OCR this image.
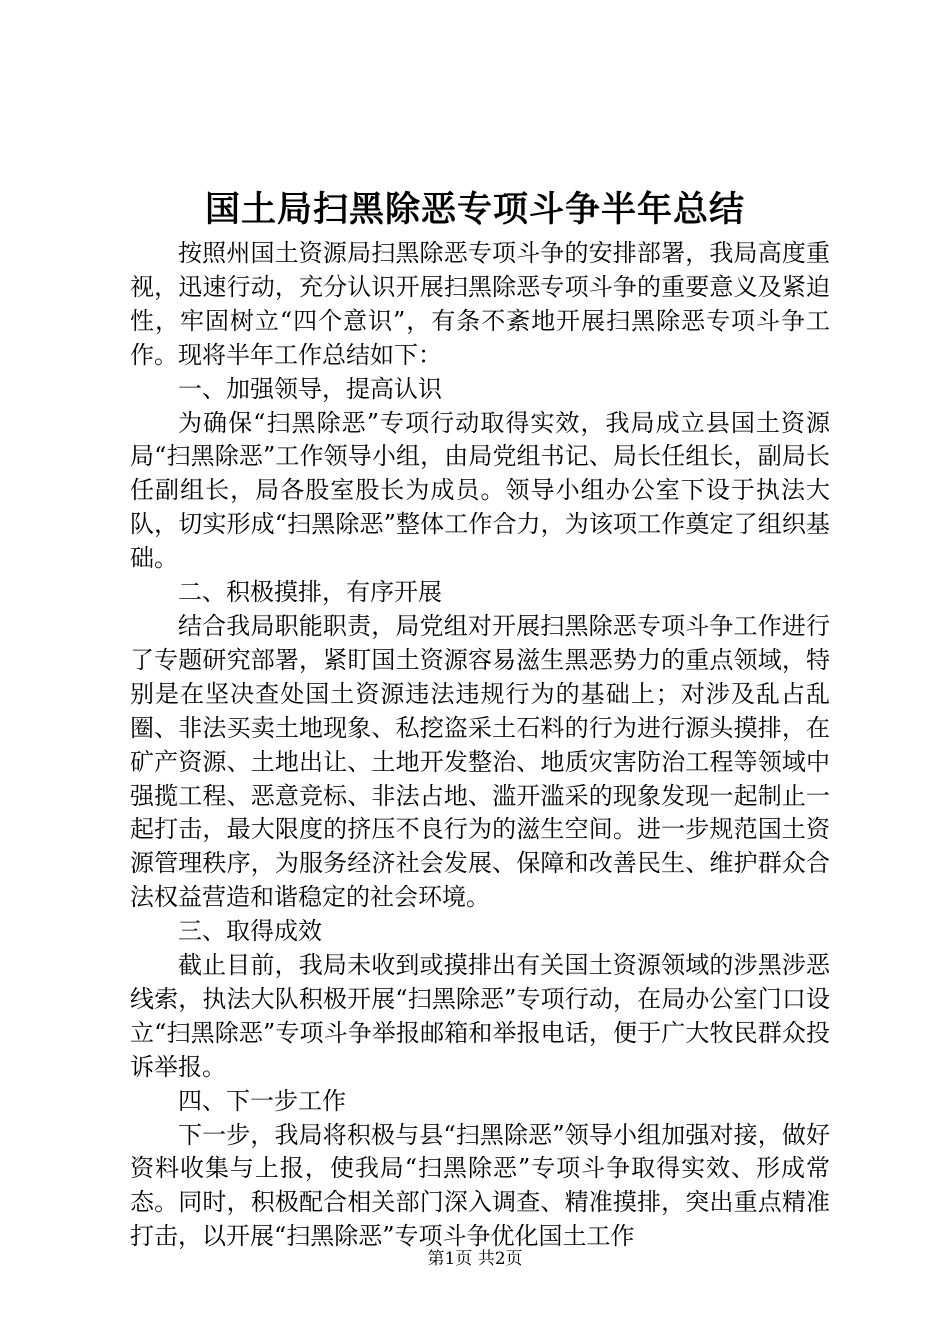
国土局扫黑除恶专项斗争半年总结

按照州国土资源局扫黑除恶专项斗争的安排部署，我局高度重视，迅速行动，充分认识开展扫黑除恶专项斗争的重要意义及紧迫性，牢固树立“四个意识”，有条不紊地开展扫黑除恶专项斗争工作。现将半年工作总结如下：

一、加强领导，提高认识

为确保“扫黑除恶”专项行动取得实效，我局成立县国土资源局“扫黑除恶”工作领导小组，由局党组书记、局长任组长，副局长任副组长，局各股室股长为成员。领导小组办公室下设于执法大队，切实形成“扫黑除恶”整体工作合力，为该项工作奠定了组织基础。

二、积极摸排，有序开展

结合我局职能职责，局党组对开展扫黑除恶专项斗争工作进行了专题研究部署，紧盯国土资源容易滋生黑恶势力的重点领域，特别是在坚决查处国土资源违法违规行为的基础上；对涉及乱占乱圈、非法买卖土地现象、私挖盗采土石料的行为进行源头摸排，在矿产资源、土地出让、土地开发整治、地质灾害防治工程等领域中强揽工程、恶意竞标、非法占地、滥开滥采的现象发现一起制止一起打击，最大限度的挤压不良行为的滋生空间。进一步规范国土资源管理秩序，为服务经济社会发展、保障和改善民生、维护群众合法权益营造和谐稳定的社会环境。

三、取得成效

截止目前，我局未收到或摸排出有关国土资源领域的涉黑涉恶线索，执法大队积极开展“扫黑除恶”专项行动，在局办公室门口设立“扫黑除恶”专项斗争举报邮箱和举报电话，便于广大牧民群众投诉举报。

四、下一步工作

下一步，我局将积极与县“扫黑除恶”领导小组加强对接，做好资料收集与上报，使我局“扫黑除恶”专项斗争取得实效、形成常态。同时，积极配合相关部门深入调查、精准摸排，突出重点精准打击，以开展“扫黑除恶”专项斗争优化国土工作

第1页 共2页
